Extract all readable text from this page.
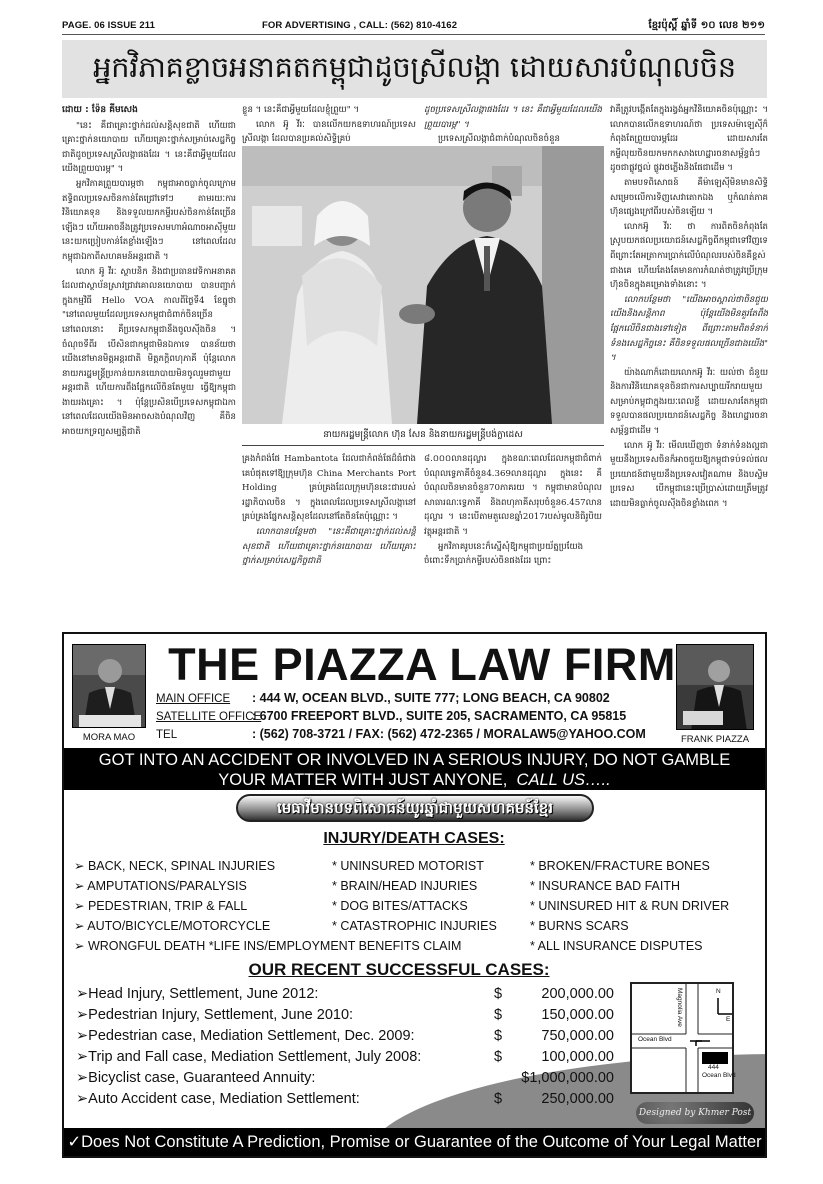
PAGE. 06 ISSUE 211	FOR ADVERTISING , CALL: (562) 810-4162	ខ្មែរប៉ុស្តិ៍ ឆ្នាំទី ១០ លេខ ២១១
អ្នកវិភាគខ្លាចអនាគតកម្ពុជាដូចស្រីលង្កា ដោយសារបំណុលចិន
ដោយ : ទ៉ែន គីមសេង

"នេះ គឺជាគ្រោះថ្នាក់ដល់សន្តិសុខជាតិ ហើយជាគ្រោះថ្នាក់នយោបាយ ហើយគ្រោះថ្នាក់សម្រាប់សេដ្ឋកិច្ចជាតិដូចប្រទេសស្រីលង្កាផងដែរ ។ នេះគឺជាអ្វីមួយដែលយើងព្រួយបារម្ភ" ។

អ្នកវិភាគព្រួយបារម្ភថា កម្ពុជាអាចធ្លាក់ចូលក្រោមឥទ្ធិពលប្រទេសចិនកាន់តែជ្រៅទៅៗ តាមរយៈការវិនិយោគទុន និងទទួលយកកម្ចីរបស់ចិនកាន់តែច្រើនឡើងៗ ហើយអាចនឹងត្រូវប្រទេសមហាអំណាចអាស៊ីមួយនេះយកប្រៀបកាន់តែខ្លាំងឡើងៗ នៅពេលដែលកម្ពុជាឯកាពីសហគមន៍អន្តរជាតិ ។

លោក អ៊ូ វីរៈ ស្ថាបនិក និងជាប្រធានវេទិកាអនាគត ដែលជាស្ថាប័នស្រាវជ្រាវគោលនយោបាយ បានបញ្ជាក់ក្នុងកម្មវិធី Hello VOA កាលពីថ្ងៃទី4 ខែធ្នូថា "នៅពេលមួយដែលប្រទេសកម្ពុជាជំពាក់ចិនច្រើន នៅពេលនោះ គឺប្រទេសកម្ពុជានឹងចូលស៊ីងចិន ។ ចំណុចទីពីរ បើសិនជាកម្ពុជាមិនឯកាទេ បានន័យថាយើងនៅមានមិត្តអន្តរជាតិ មិត្តភក្តិពហុភាគី ប៉ុន្តែលោកនាយករដ្ឋមន្ត្រីប្រកាន់យកនយោបាយមិនចូលរួមជាមួយអន្តរជាតិ ហើយការពឹងផ្អែកលើចិនតែមួយ ធ្វើឱ្យកម្ពុជាងាយរងគ្រោះ ។ ប៉ុន្តែប្រសិនបើប្រទេសកម្ពុជាឯកានៅពេលដែលយើងមិនអាចសងបំណុលវិញ គឺចិនអាចយកទ្រព្យសម្បត្តិជាតិ

ខ្លួន ។ នេះគឺជាអ្វីមួយដែលខ្ញុំព្រួយ" ។

លោក អ៊ូ វីរៈ បានលើកយកឧទាហរណ៍ប្រទេសស្រីលង្កា ដែលបានប្រគល់សិទ្ធិគ្រប់

ដូចប្រទេសស្រីលង្កាផងដែរ ។ នេះ គឺជាអ្វីមួយដែលយើងព្រួយបារម្ភ" ។

ប្រទេសស្រីលង្កាជំពាក់បំណុលចិនចំនួន

នាយករដ្ឋមន្ត្រីលោក ហ៊ុន សែន និងនាយករដ្ឋមន្ត្រីបង់ក្លាដេស

គ្រងកំពង់ផែ Hambantota ដែលជាកំពង់ផែដ៏ធំជាងគេបំផុតទៅឱ្យក្រុមហ៊ុន China Merchants Port Holding គ្រប់គ្រងដែលក្រុមហ៊ុននេះជារបស់រដ្ឋាភិបាលចិន ។ ក្នុងពេលដែលប្រទេសស្រីលង្កានៅគ្រប់គ្រងផ្នែកសន្តិសុខដែលនៅតែចិនតែប៉ុណ្ណោះ ។

លោកបានបន្ថែមថា "នេះគឺជាគ្រោះថ្នាក់ដល់សន្តិសុខជាតិ ហើយជាគ្រោះថ្នាក់នយោបាយ ហើយគ្រោះថ្នាក់សម្រាប់សេដ្ឋកិច្ចជាតិ

៨.០០០លានដុល្លារ ក្នុងខណៈពេលដែលកម្ពុជាជំពាក់បំណុលទ្វេភាគីចំនួន4.369លានដុល្លារ ក្នុងនេះ គឺបំណុលចិនមានចំនួន70ភាគរយ ។ កម្ពុជាមានបំណុលសាធារណៈទ្វេភាគី និងពហុភាគីសរុបចំនួន6.457លានដុល្លារ ។ នេះបើតាមតួលេខឆ្នាំ2017របស់មូលនិធិរូបិយវត្ថុអន្តរជាតិ ។

អ្នកវិភាគរូបនេះក៏ស្នើសុំឱ្យកម្ពុជាប្រយ័ត្នប្រយែងចំពោះទឹកប្រាក់កម្ចីរបស់ចិនផងដែរ ព្រោះ

វាគឺត្រូវបង្កើតតែក្នុងរង្វង់អ្នកវិនិយោគចិនប៉ុណ្ណោះ ។ លោកបានលើកឧទាហរណ៍ថា ប្រទេសម៉ាឡេស៊ីក៏កំពុងតែព្រួយបារម្ភដែរ ដោយសារតែកម្ចីលុយចិនយកមកកសាងហេដ្ឋារចនាសម្ព័ន្ធធំៗដូចជាផ្លូវថ្នល់ ផ្លូវរថភ្លើងនិងផែជាដើម ។

តាមបទពិសោធន៍ គឺម៉ាឡេស៊ីមិនមានសិទ្ធិសម្រេចលើការទិញសេវាតោកឯង ឬកំណត់ភាគហ៊ុនផ្សេងក្រៅពីរបស់ចិនឡើយ ។

លោកអ៊ូ វីរៈ ថា ការពិតចិនកំពុងតែស្រូបយកផលប្រយោជន៍សេដ្ឋកិច្ចពីកម្ពុជាទៅវិញទេ ពីព្រោះតែអត្រាការប្រាក់លើបំណុលរបស់ចិនគឺខ្ពស់ជាងគេ ហើយតែងតែមានការកំណត់ថាត្រូវប្រើក្រុមហ៊ុនចិនក្នុងគម្រោងទាំងនោះ ។

លោកបន្ថែមថា "យើងអាចស្គាល់ថាចិនជួយយើងនិងសន្តិភាព ប៉ុន្តែយើងមិនគួរតែពឹងផ្អែកលើចិនជាងទៅទៀត ពីព្រោះតាមពិតទំនាក់ទំនងសេដ្ឋកិច្ចនេះ គឺចិនទទួលផលច្រើនជាងយើង" ។

យ៉ាងណាក៏ដោយលោកអ៊ូ វីរៈ យល់ថា ជំនួយ និងការវិនិយោគទុនចិនជាការសប្បាយរីករាយមួយសម្រាប់កម្ពុជាក្នុងរយៈពេលខ្លី ដោយសារតែកម្ពុជាទទួលបានផលប្រយោជន៍សេដ្ឋកិច្ច និងហេដ្ឋារចនាសម្ព័ន្ធជាដើម ។

លោក អ៊ូ វីរៈ មើលឃើញថា ទំនាក់ទំនងល្អជាមួយនឹងប្រទេសចិនក៏អាចជួយឱ្យកម្ពុជាទប់ទល់ផលប្រយោជន៍ជាមួយនឹងប្រទេសវៀតណាម និងបស្ចិមប្រទេស បើកម្ពុជានេះប្រើប្រាស់ដោយត្រឹមត្រូវ ដោយមិនធ្លាក់ចូលស៊ីងចិនខ្លាំងពេក ។

MORA MAO	FRANK PIAZZA
THE PIAZZA LAW FIRM
MAIN OFFICE : 444 W, OCEAN BLVD., SUITE 777; LONG BEACH, CA 90802
SATELLITE OFFICE: 6700 FREEPORT BLVD., SUITE 205, SACRAMENTO, CA 95815
TEL	: (562) 708-3721 / FAX: (562) 472-2365 / MORALAW5@YAHOO.COM
GOT INTO AN ACCIDENT OR INVOLVED IN A SERIOUS INJURY, DO NOT GAMBLE
YOUR MATTER WITH JUST ANYONE, CALL US…..
មេធាវីមានបទពិសោធន៍យូរឆ្នាំជាមួយសហគមន៍ខ្មែរ
INJURY/DEATH CASES:
➢ BACK, NECK, SPINAL INJURIES
➢ AMPUTATIONS/PARALYSIS
➢ PEDESTRIAN, TRIP & FALL
➢ AUTO/BICYCLE/MOTORCYCLE
➢ WRONGFUL DEATH *LIFE INS/EMPLOYMENT BENEFITS CLAIM
* UNINSURED MOTORIST
* BRAIN/HEAD INJURIES
* DOG BITES/ATTACKS
* CATASTROPHIC INJURIES
* BROKEN/FRACTURE BONES
* INSURANCE BAD FAITH
* UNINSURED HIT & RUN DRIVER
* BURNS SCARS
* ALL INSURANCE DISPUTES
OUR RECENT SUCCESSFUL CASES:
➢Head Injury, Settlement, June 2012:	$	200,000.00
➢Pedestrian Injury, Settlement, June 2010:	$	150,000.00
➢Pedestrian case, Mediation Settlement, Dec. 2009:	$	750,000.00
➢Trip and Fall case, Mediation Settlement, July 2008:	$	100,000.00
➢Bicyclist case, Guaranteed Annuity:	$1,000,000.00
➢Auto Accident case, Mediation Settlement:	$	250,000.00
Magnolia Ave
Ocean Blvd
N
E
444
Ocean Blvd
Designed by Khmer Post
✓Does Not Constitute A Prediction, Promise or Guarantee of the Outcome of Your Legal Matter
